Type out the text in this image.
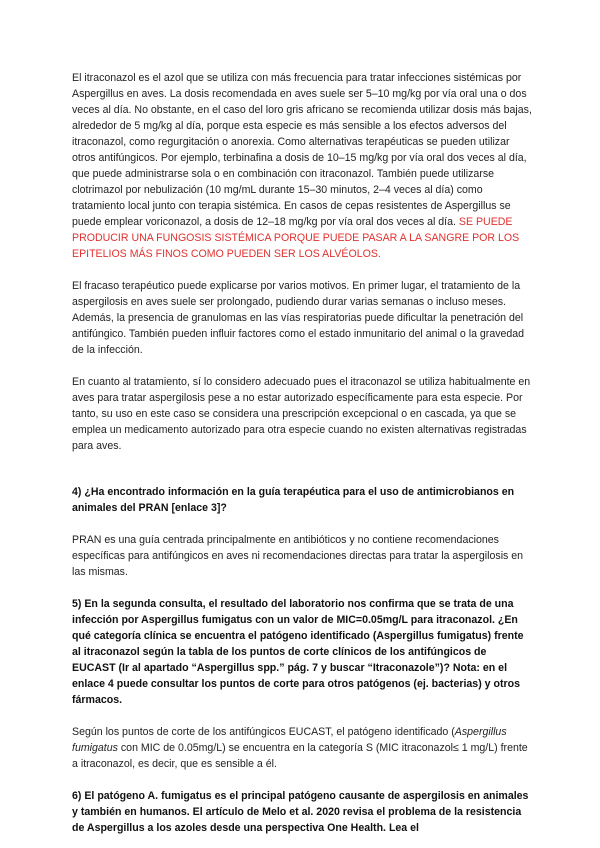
El itraconazol es el azol que se utiliza con más frecuencia para tratar infecciones sistémicas por Aspergillus en aves. La dosis recomendada en aves suele ser 5–10 mg/kg por vía oral una o dos veces al día. No obstante, en el caso del loro gris africano se recomienda utilizar dosis más bajas, alrededor de 5 mg/kg al día, porque esta especie es más sensible a los efectos adversos del itraconazol, como regurgitación o anorexia. Como alternativas terapéuticas se pueden utilizar otros antifúngicos. Por ejemplo, terbinafina a dosis de 10–15 mg/kg por vía oral dos veces al día, que puede administrarse sola o en combinación con itraconazol. También puede utilizarse clotrimazol por nebulización (10 mg/mL durante 15–30 minutos, 2–4 veces al día) como tratamiento local junto con terapia sistémica. En casos de cepas resistentes de Aspergillus se puede emplear voriconazol, a dosis de 12–18 mg/kg por vía oral dos veces al día. SE PUEDE PRODUCIR UNA FUNGOSIS SISTÉMICA PORQUE PUEDE PASAR A LA SANGRE POR LOS EPITELIOS MÁS FINOS COMO PUEDEN SER LOS ALVÉOLOS.

El fracaso terapéutico puede explicarse por varios motivos. En primer lugar, el tratamiento de la aspergilosis en aves suele ser prolongado, pudiendo durar varias semanas o incluso meses. Además, la presencia de granulomas en las vías respiratorias puede dificultar la penetración del antifúngico. También pueden influir factores como el estado inmunitario del animal o la gravedad de la infección.

En cuanto al tratamiento, sí lo considero adecuado pues el itraconazol se utiliza habitualmente en aves para tratar aspergilosis pese a no estar autorizado específicamente para esta especie. Por tanto, su uso en este caso se considera una prescripción excepcional o en cascada, ya que se emplea un medicamento autorizado para otra especie cuando no existen alternativas registradas para aves.

4) ¿Ha encontrado información en la guía terapéutica para el uso de antimicrobianos en animales del PRAN [enlace 3]?

PRAN es una guía centrada principalmente en antibióticos y no contiene recomendaciones específicas para antifúngicos en aves ni recomendaciones directas para tratar la aspergilosis en las mismas.

5) En la segunda consulta, el resultado del laboratorio nos confirma que se trata de una infección por Aspergillus fumigatus con un valor de MIC=0.05mg/L para itraconazol. ¿En qué categoría clínica se encuentra el patógeno identificado (Aspergillus fumigatus) frente al itraconazol según la tabla de los puntos de corte clínicos de los antifúngicos de EUCAST (Ir al apartado “Aspergillus spp.” pág. 7 y buscar “Itraconazole”)? Nota: en el enlace 4 puede consultar los puntos de corte para otros patógenos (ej. bacterias) y otros fármacos.

Según los puntos de corte de los antifúngicos EUCAST, el patógeno identificado (Aspergillus fumigatus con MIC de 0.05mg/L) se encuentra en la categoría S (MIC itraconazol≤ 1 mg/L) frente a itraconazol, es decir, que es sensible a él.

6) El patógeno A. fumigatus es el principal patógeno causante de aspergilosis en animales y también en humanos. El artículo de Melo et al. 2020 revisa el problema de la resistencia de Aspergillus a los azoles desde una perspectiva One Health. Lea el
